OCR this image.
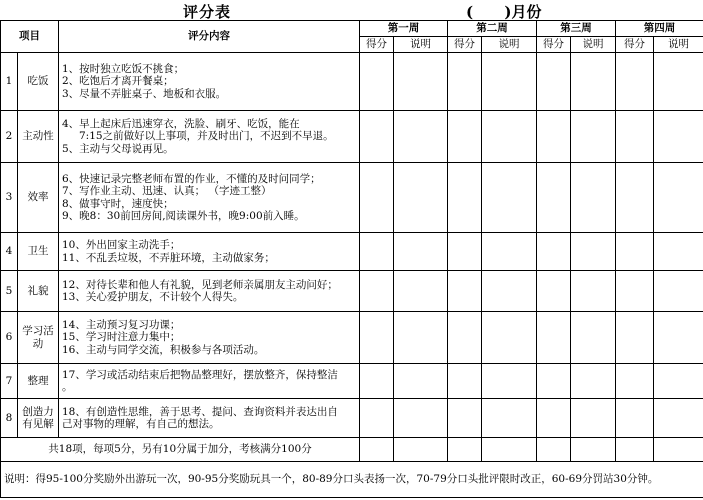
评分表	(      )月份
项目		评分内容	第一周		第二周		第三周		第四周	
			得分	说明	得分	说明	得分	说明	得分	说明
1	吃饭	1、按时独立吃饭不挑食；
2、吃饱后才离开餐桌；
3、尽量不弄脏桌子、地板和衣服。								

2	主动性	4、早上起床后迅速穿衣，洗脸、刷牙、吃饭，能在
7:15之前做好以上事项，并及时出门，不迟到不早退。
5、主动与父母说再见。								

3	效率	6、快速记录完整老师布置的作业，不懂的及时问同学；
7、写作业主动、迅速、认真； （字迹工整）
8、做事守时，速度快；
9、晚8：30前回房间,阅读课外书，晚9:00前入睡。								

4	卫生	10、外出回家主动洗手；
11、不乱丢垃圾，不弄脏环境，主动做家务；								

5	礼貌	12、对待长辈和他人有礼貌，见到老师亲属朋友主动问好；
13、关心爱护朋友，不计较个人得失。								

6	学习活动	14、主动预习复习功课；
15、学习时注意力集中；
16、主动与同学交流，积极参与各项活动。								

7	整理	17、学习或活动结束后把物品整理好，摆放整齐，保持整洁
。								

8	创造力有见解	18、有创造性思维，善于思考、提问、查询资料并表达出自
己对事物的理解，有自己的想法。								

共18项，每项5分，另有10分属于加分，考核满分100分										
说明：得95-100分奖励外出游玩一次，90-95分奖励玩具一个，80-89分口头表扬一次，70-79分口头批评限时改正，60-69分罚站30分钟。										
